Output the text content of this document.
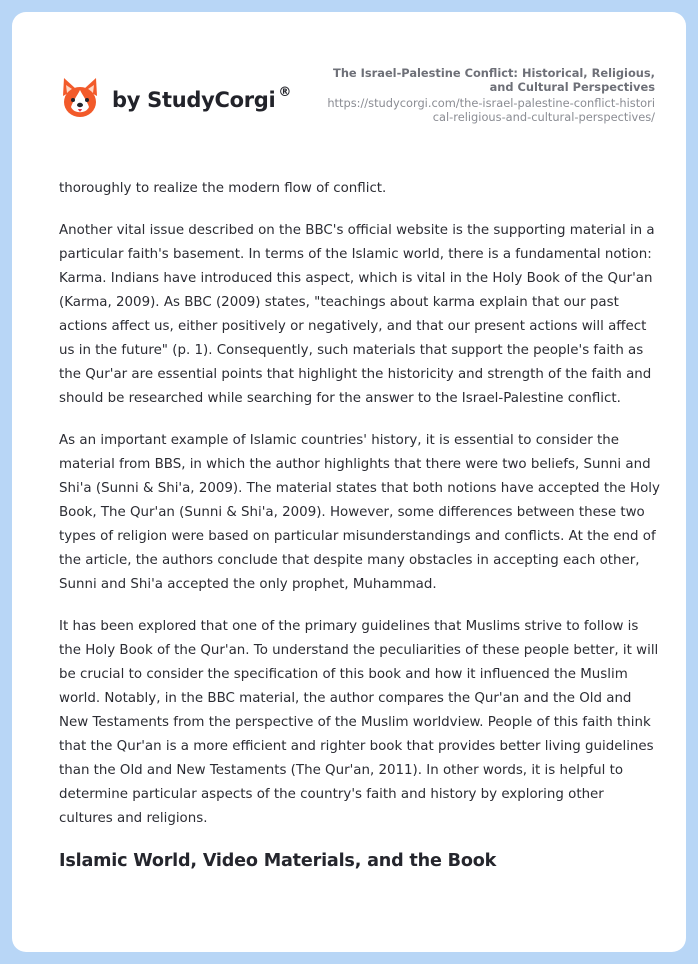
by StudyCorgi ®
The Israel-Palestine Conflict: Historical, Religious, and Cultural Perspectives
https://studycorgi.com/the-israel-palestine-conflict-historical-religious-and-cultural-perspectives/

thoroughly to realize the modern flow of conflict.

Another vital issue described on the BBC's official website is the supporting material in a particular faith's basement. In terms of the Islamic world, there is a fundamental notion: Karma. Indians have introduced this aspect, which is vital in the Holy Book of the Qur'an (Karma, 2009). As BBC (2009) states, "teachings about karma explain that our past actions affect us, either positively or negatively, and that our present actions will affect us in the future" (p. 1). Consequently, such materials that support the people's faith as the Qur'ar are essential points that highlight the historicity and strength of the faith and should be researched while searching for the answer to the Israel-Palestine conflict.

As an important example of Islamic countries' history, it is essential to consider the material from BBS, in which the author highlights that there were two beliefs, Sunni and Shi'a (Sunni & Shi'a, 2009). The material states that both notions have accepted the Holy Book, The Qur'an (Sunni & Shi'a, 2009). However, some differences between these two types of religion were based on particular misunderstandings and conflicts. At the end of the article, the authors conclude that despite many obstacles in accepting each other, Sunni and Shi'a accepted the only prophet, Muhammad.

It has been explored that one of the primary guidelines that Muslims strive to follow is the Holy Book of the Qur'an. To understand the peculiarities of these people better, it will be crucial to consider the specification of this book and how it influenced the Muslim world. Notably, in the BBC material, the author compares the Qur'an and the Old and New Testaments from the perspective of the Muslim worldview. People of this faith think that the Qur'an is a more efficient and righter book that provides better living guidelines than the Old and New Testaments (The Qur'an, 2011). In other words, it is helpful to determine particular aspects of the country's faith and history by exploring other cultures and religions.

Islamic World, Video Materials, and the Book
